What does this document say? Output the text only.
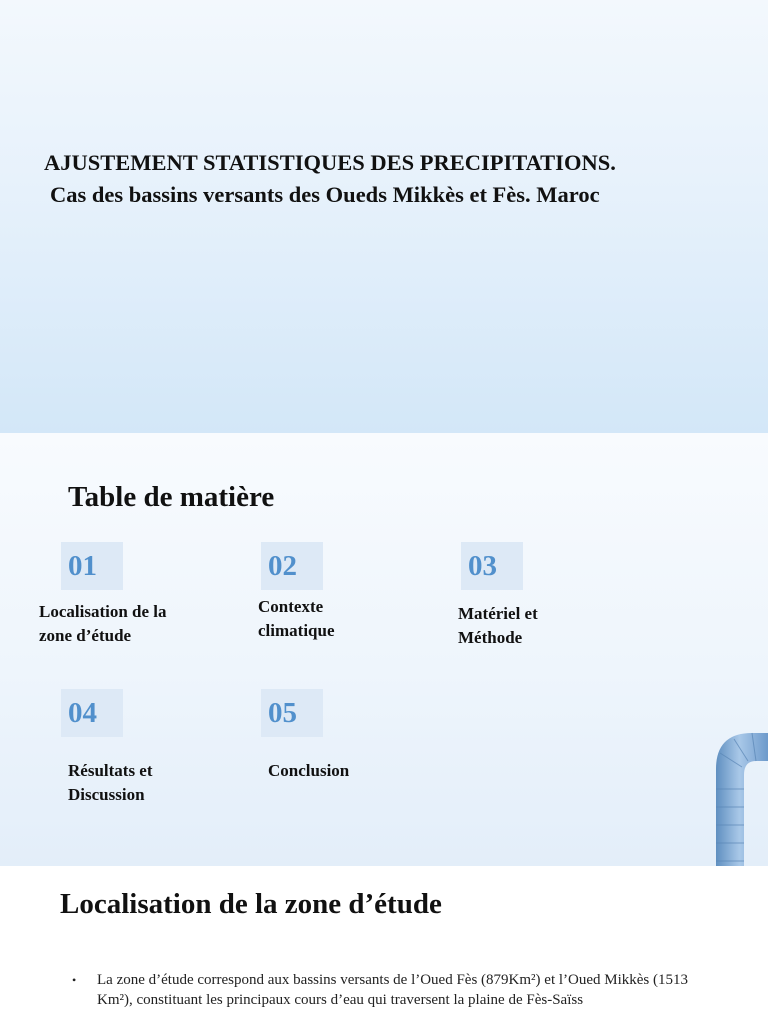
AJUSTEMENT STATISTIQUES DES PRECIPITATIONS.
Cas des bassins versants des Oueds Mikkès et Fès. Maroc
Table de matière
01
Localisation de la
zone d’étude
02
Contexte
climatique
03
Matériel et
Méthode
04
Résultats et
Discussion
05
Conclusion
Localisation de la zone d’étude
• La zone d’étude correspond aux bassins versants de l’Oued Fès (879Km²) et l’Oued Mikkès (1513 Km²), constituant les principaux cours d’eau qui traversent la plaine de Fès-Saïss
